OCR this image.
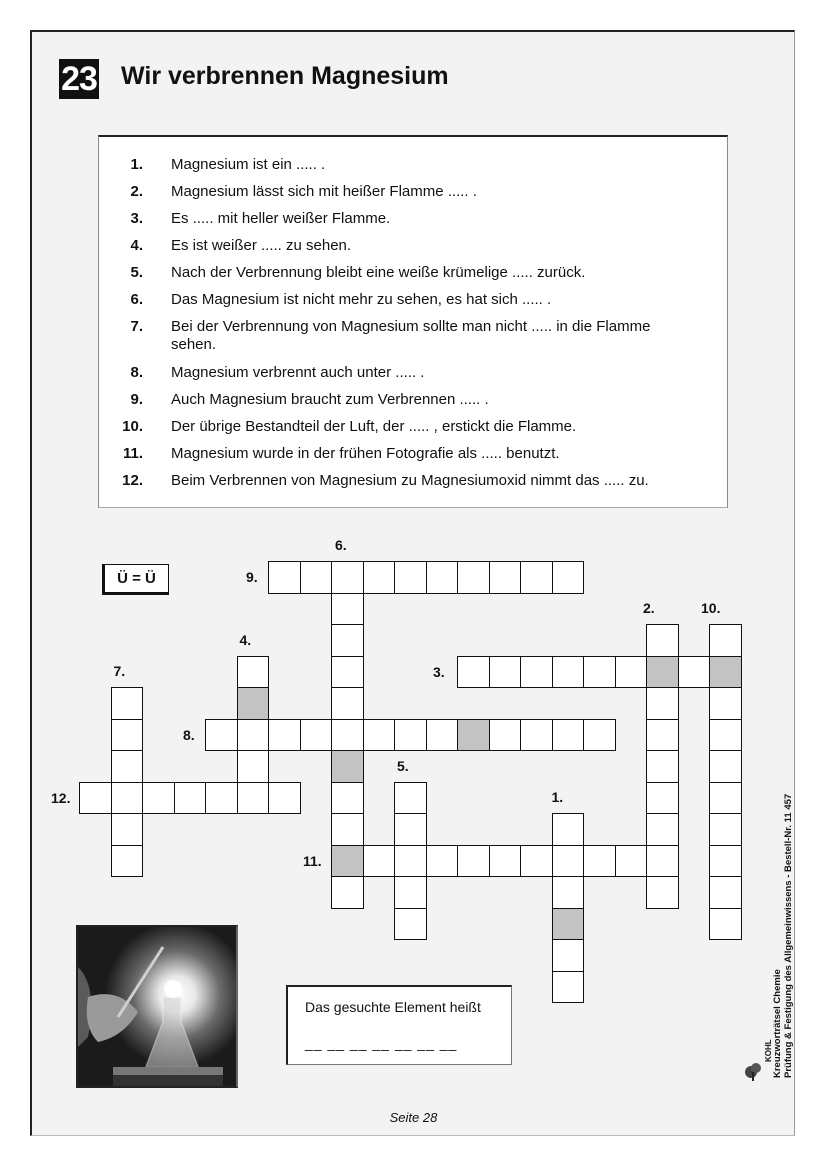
23 Wir verbrennen Magnesium
1. Magnesium ist ein ..... .
2. Magnesium lässt sich mit heißer Flamme ..... .
3. Es ..... mit heller weißer Flamme.
4. Es ist weißer ..... zu sehen.
5. Nach der Verbrennung bleibt eine weiße krümelige ..... zurück.
6. Das Magnesium ist nicht mehr zu sehen, es hat sich ..... .
7. Bei der Verbrennung von Magnesium sollte man nicht ..... in die Flamme sehen.
8. Magnesium verbrennt auch unter ..... .
9. Auch Magnesium braucht zum Verbrennen ..... .
10. Der übrige Bestandteil der Luft, der ..... , erstickt die Flamme.
11. Magnesium wurde in der frühen Fotografie als ..... benutzt.
12. Beim Verbrennen von Magnesium zu Magnesiumoxid nimmt das ..... zu.
Ü = Ü
1.
2.
3.
4.
5.
6.
7.
8.
9.
10.
11.
12.
Das gesuchte Element heißt
__ __ __ __ __ __ __
Seite 28
Kreuzworträtsel Chemie Prüfung & Festigung des Allgemeinwissens - Bestell-Nr. 11 457
KOHL
